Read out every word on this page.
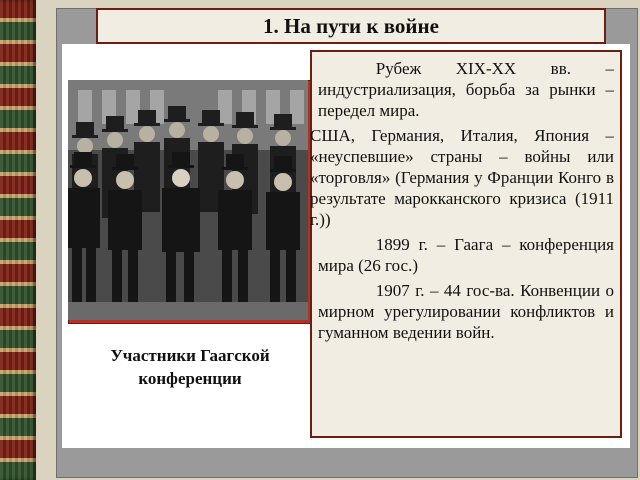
1. На пути к войне
Участники Гаагской конференции

Рубеж XIX-XX вв. – индустриализация, борьба за рынки – передел мира.

США, Германия, Италия, Япония – «неуспевшие» страны – войны или «торговля» (Германия у Франции Конго в результате марокканского кризиса (1911 г.))

1899 г. – Гаага – конференция мира (26 гос.)

1907 г. – 44 гос-ва. Конвенции о мирном урегулировании конфликтов и гуманном ведении войн.
